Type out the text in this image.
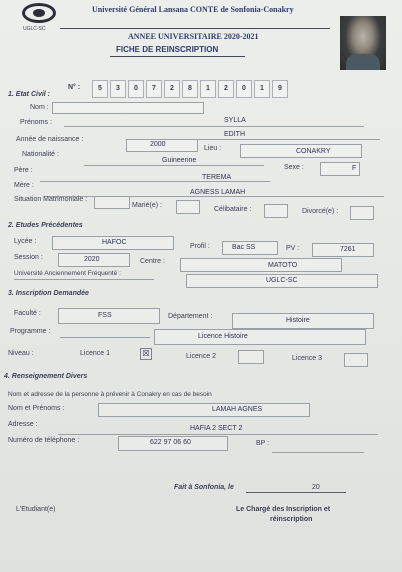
UGLC-SC
Université Général Lansana CONTE de Sonfonia-Conakry
ANNEE UNIVERSITAIRE 2020-2021
FICHE DE REINSCRIPTION
N° :	5	3	0	7	2	8	1	2	0	1	9
1. Etat Civil :
Nom :
SYLLA
Prénoms :
EDITH
Année de naissance :
2000
Lieu :	CONAKRY
Nationalité :
Guineenne
Sexe :	F
Père :
TEREMA
Mère :
AGNESS LAMAH
Situation Matrimoniale :
Marié(e) :
Célibataire :	Divorcé(e) :
2. Etudes Précédentes
Lycée :	HAFOC
Profil :	Bac SS	PV :	7261
Session :	2020	Centre :
MATOTO
Université Anciennement Fréquenté :
UGLC-SC
3. Inscription Demandée
Faculté :	FSS	Département :
Histoire
Programme :
Licence Histoire
Niveau :	Licence 1	☒	Licence 2	Licence 3
4. Renseignement Divers
Nom et adresse de la personne à prévenir à Conakry en cas de besoin
Nom et Prénoms :	LAMAH AGNES
Adresse :
HAFIA 2 SECT 2
Numéro de téléphone :	622 97 06 60	BP :
Fait à Sonfonia, le	20
L'Etudiant(e)	Le Chargé des Inscription et
réinscription
